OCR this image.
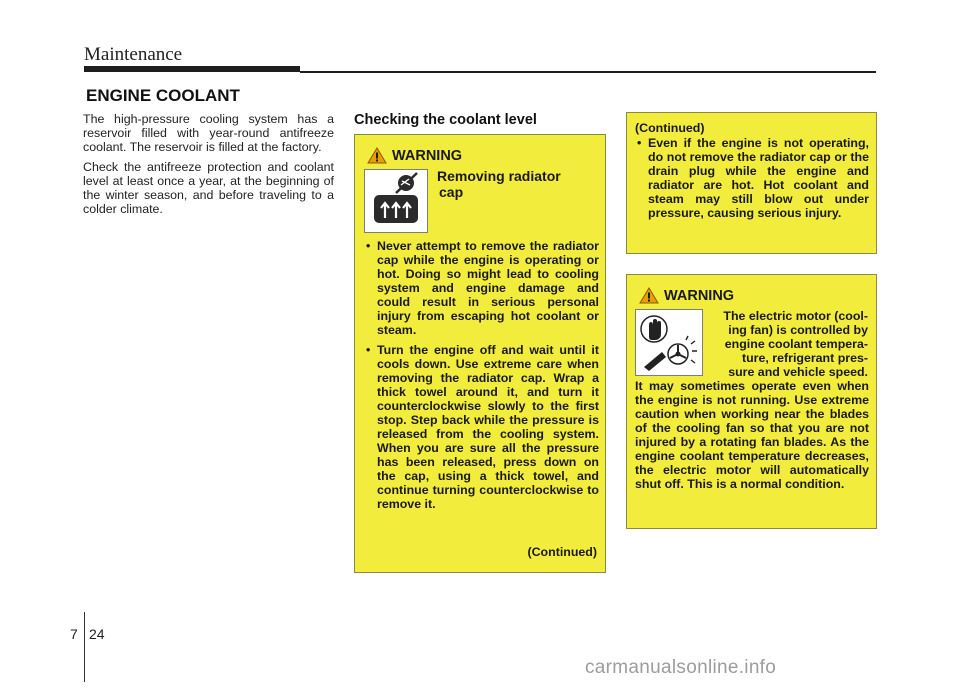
Maintenance
ENGINE COOLANT

The high-pressure cooling system has a reservoir filled with year-round antifreeze coolant. The reservoir is filled at the factory.

Check the antifreeze protection and coolant level at least once a year, at the beginning of the winter season, and before traveling to a colder climate.

Checking the coolant level
WARNING
Removing radiator
cap
• Never attempt to remove the radiator cap while the engine is operating or hot. Doing so might lead to cooling system and engine damage and could result in serious personal injury from escaping hot coolant or steam.
• Turn the engine off and wait until it cools down. Use extreme care when removing the radiator cap. Wrap a thick towel around it, and turn it counterclockwise slowly to the first stop. Step back while the pressure is released from the cooling system. When you are sure all the pressure has been released, press down on the cap, using a thick towel, and continue turning counterclockwise to remove it.
(Continued)
(Continued)
• Even if the engine is not operating, do not remove the radiator cap or the drain plug while the engine and radiator are hot. Hot coolant and steam may still blow out under pressure, causing serious injury.
WARNING
The electric motor (cool-
ing fan) is controlled by
engine coolant tempera-
ture, refrigerant pres-
sure and vehicle speed.
It may sometimes operate even when the engine is not running. Use extreme caution when working near the blades of the cooling fan so that you are not injured by a rotating fan blades. As the engine coolant temperature decreases, the electric motor will automatically shut off. This is a normal condition.
7 24
carmanualsonline.info
